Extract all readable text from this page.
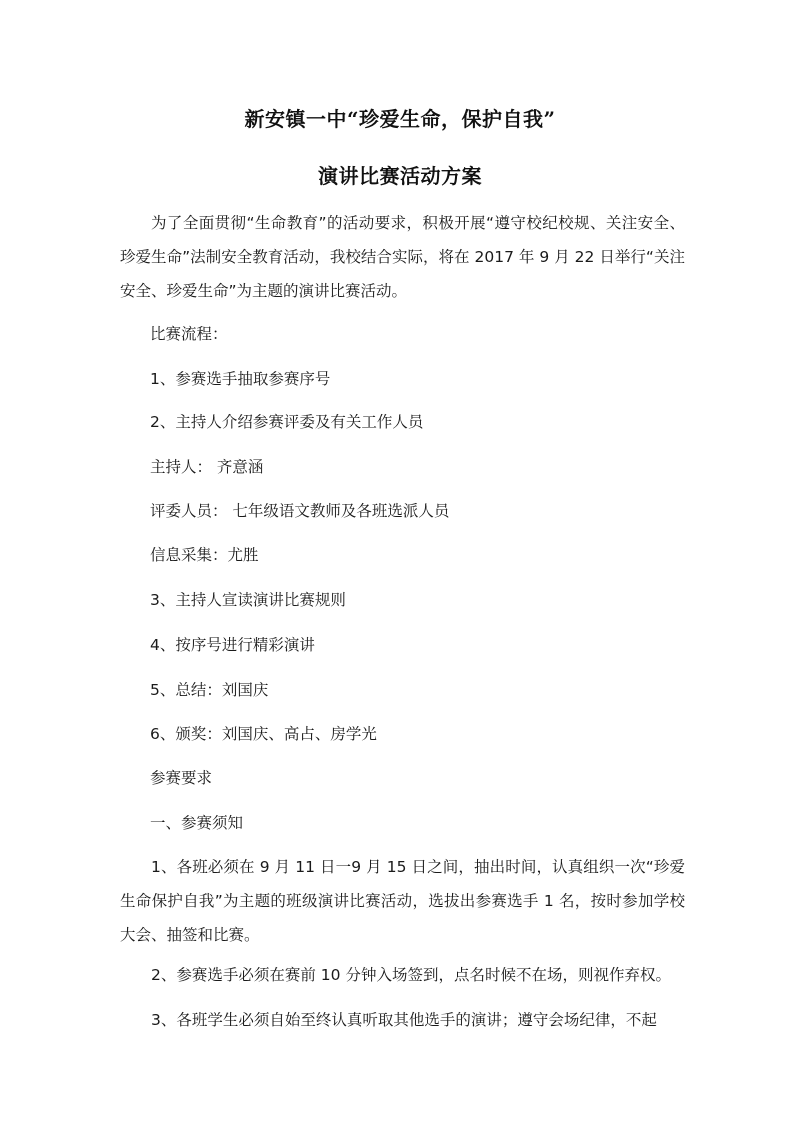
新安镇一中“珍爱生命，保护自我”
演讲比赛活动方案
为了全面贯彻“生命教育”的活动要求，积极开展“遵守校纪校规、关注安全、珍爱生命”法制安全教育活动，我校结合实际，将在 2017 年 9 月 22 日举行“关注安全、珍爱生命”为主题的演讲比赛活动。
比赛流程：
1、参赛选手抽取参赛序号
2、主持人介绍参赛评委及有关工作人员
主持人： 齐意涵
评委人员： 七年级语文教师及各班选派人员
信息采集：尤胜
3、主持人宣读演讲比赛规则
4、按序号进行精彩演讲
5、总结：刘国庆
6、颁奖：刘国庆、高占、房学光
参赛要求
一、参赛须知
1、各班必须在 9 月 11 日一9 月 15 日之间，抽出时间，认真组织一次“珍爱生命保护自我”为主题的班级演讲比赛活动，选拔出参赛选手 1 名，按时参加学校大会、抽签和比赛。
2、参赛选手必须在赛前 10 分钟入场签到，点名时候不在场，则视作弃权。
3、各班学生必须自始至终认真听取其他选手的演讲；遵守会场纪律，不起
